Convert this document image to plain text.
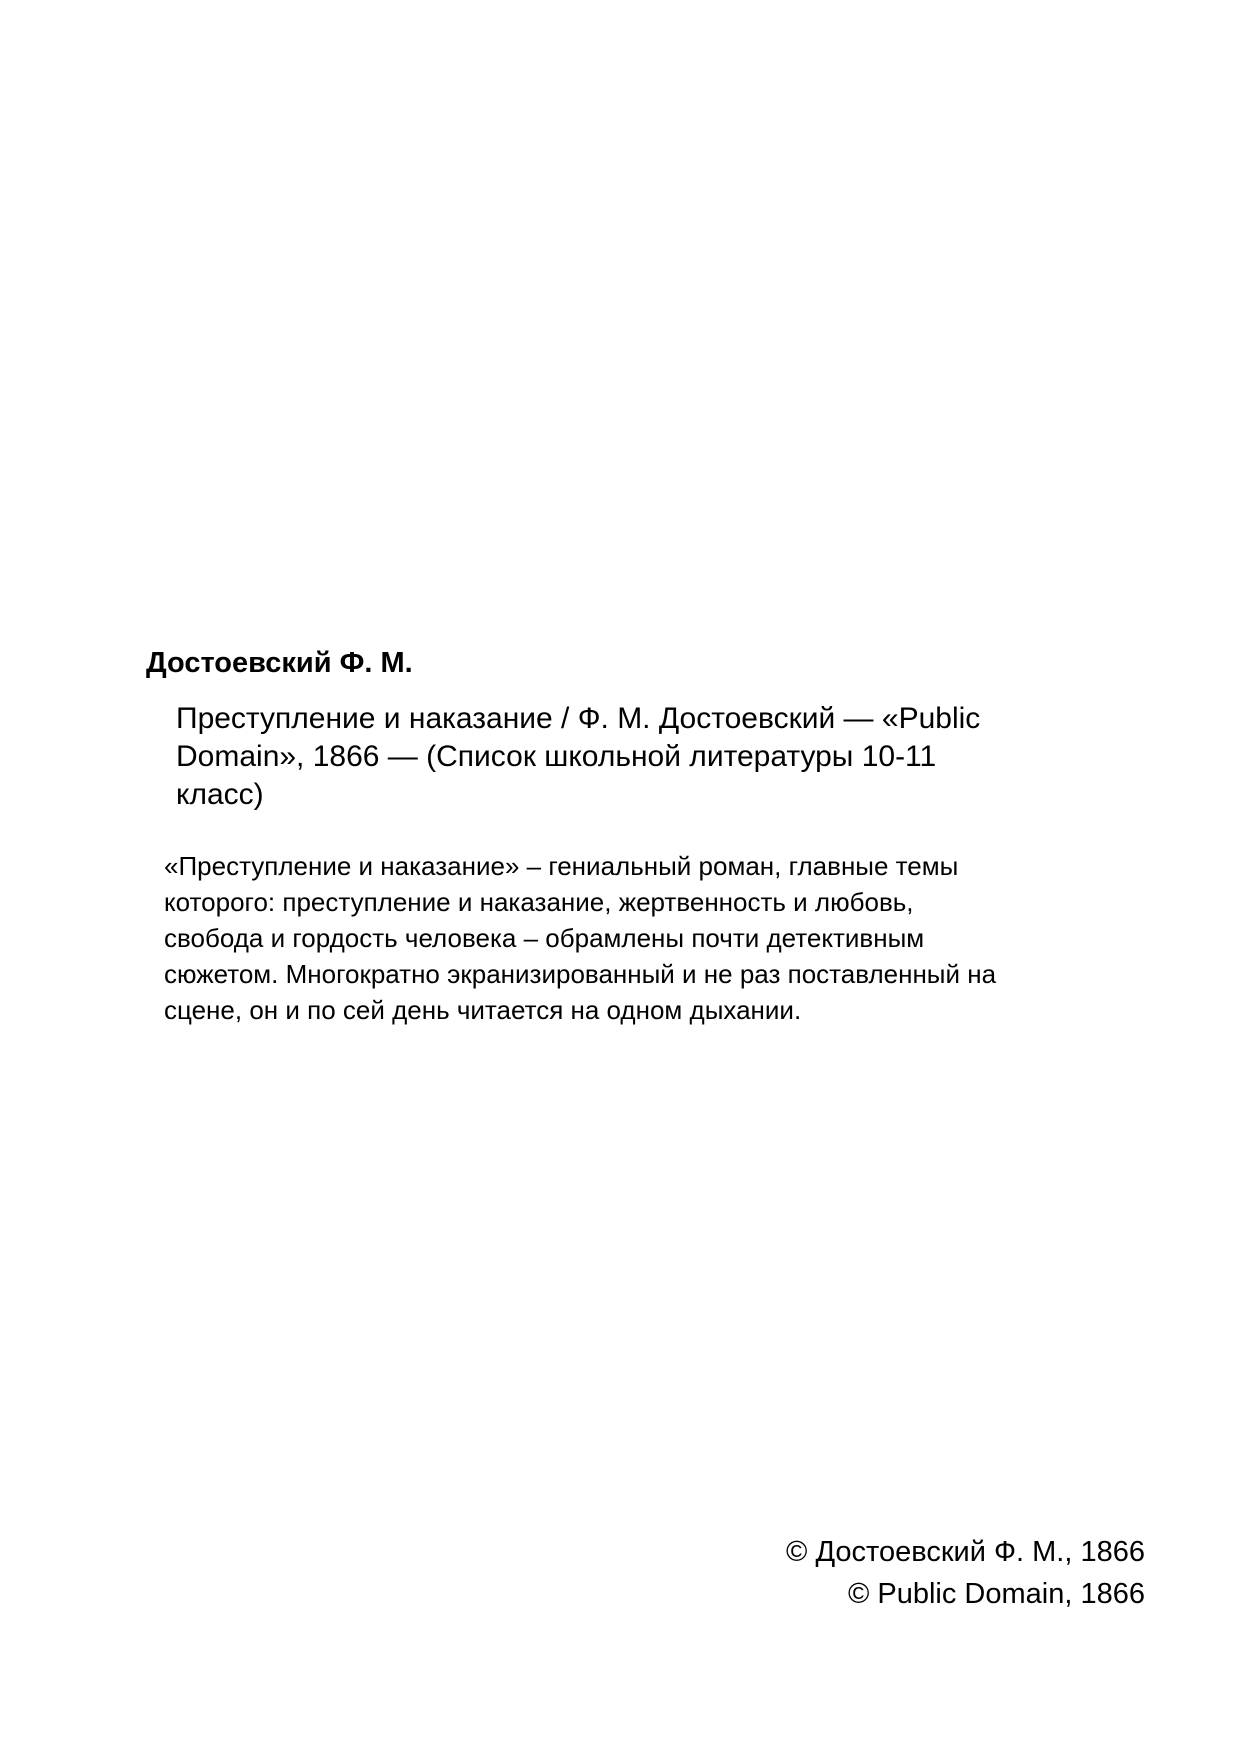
Достоевский Ф. М.
Преступление и наказание / Ф. М. Достоевский — «Public
Domain», 1866 — (Список школьной литературы 10-11
класс)
«Преступление и наказание» – гениальный роман, главные темы
которого: преступление и наказание, жертвенность и любовь,
свобода и гордость человека – обрамлены почти детективным
сюжетом. Многократно экранизированный и не раз поставленный на
сцене, он и по сей день читается на одном дыхании.
© Достоевский Ф. М., 1866
© Public Domain, 1866
